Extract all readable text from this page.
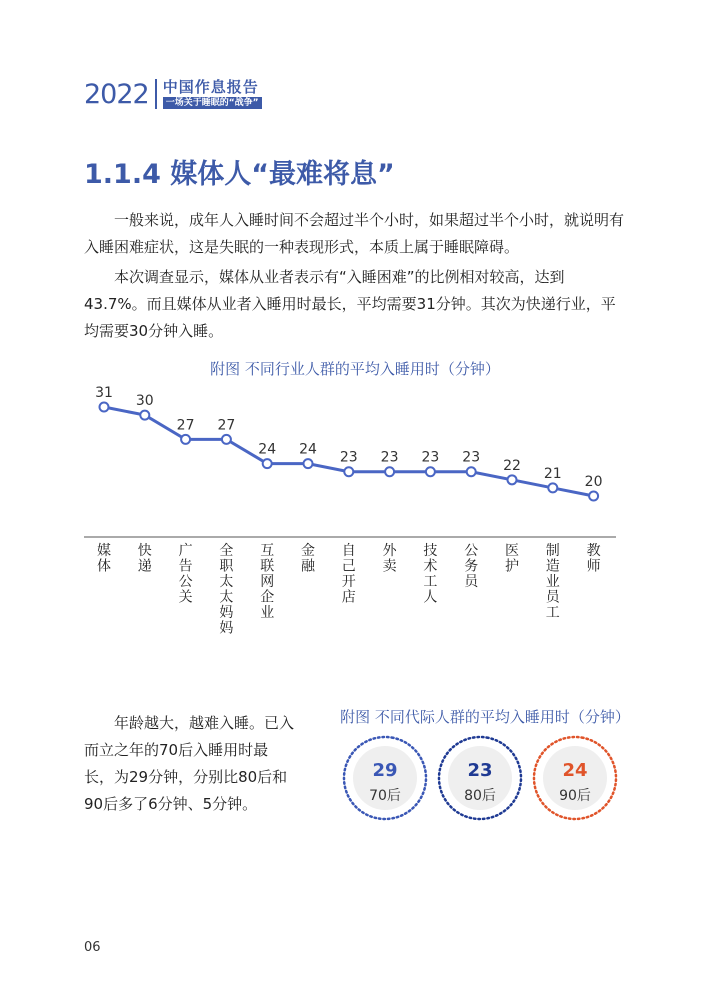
2022 中国作息报告
一场关于睡眠的“战争”
1.1.4 媒体人“最难将息”

一般来说，成年人入睡时间不会超过半个小时，如果超过半个小时，就说明有入睡困难症状，这是失眠的一种表现形式，本质上属于睡眠障碍。

本次调查显示，媒体从业者表示有“入睡困难”的比例相对较高，达到43.7%。而且媒体从业者入睡用时最长，平均需要31分钟。其次为快递行业，平均需要30分钟入睡。

附图 不同行业人群的平均入睡用时（分钟）
31
30
27 27
24 24
23 23 23 23
22
21
20
媒
体
快
递
广
告
公
关
全
职
太
太
妈
妈
互
联
网
企
业
金
融
自
己
开
店
外
卖
技
术
工
人
公
务
员
医
护
制
造
业
员
工
教
师

年龄越大，越难入睡。已入而立之年的70后入睡用时最长，为29分钟，分别比80后和90后多了6分钟、5分钟。

附图 不同代际人群的平均入睡用时（分钟）
29
70后
23
80后
24
90后
06
